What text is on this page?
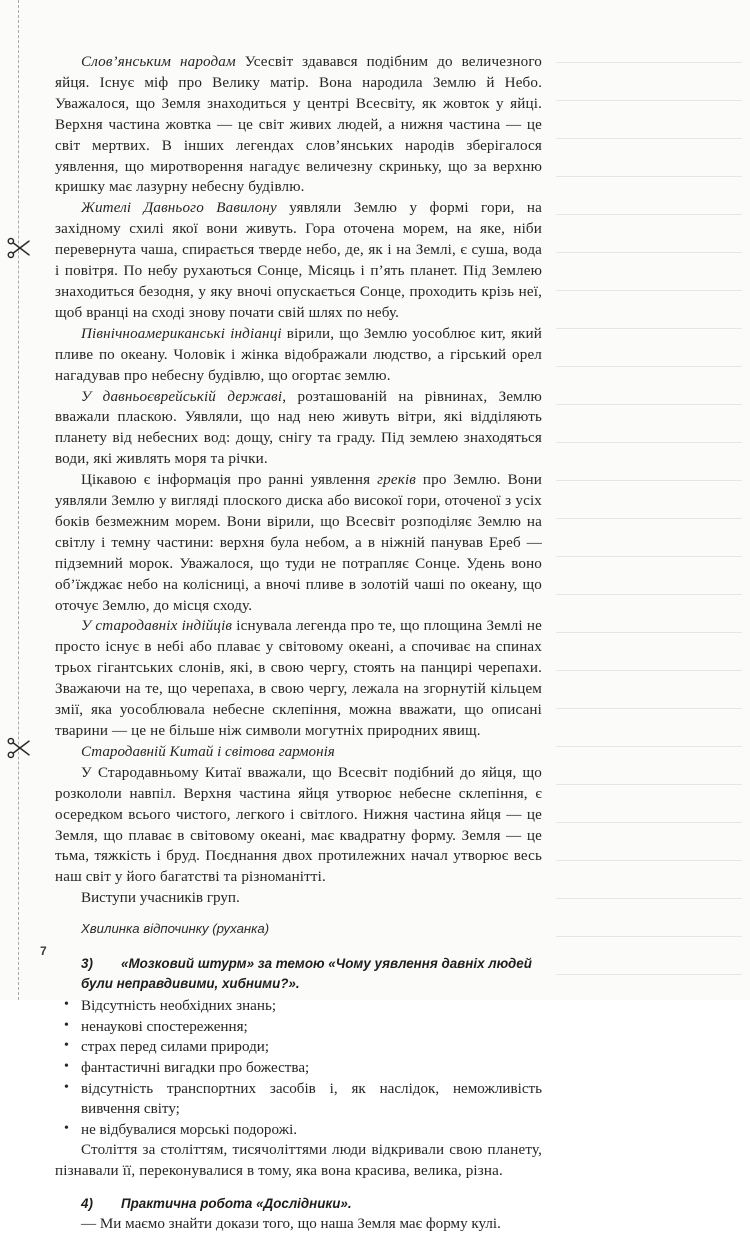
7

Слов’янським народам Усесвіт здавався подібним до величезного яйця. Існує міф про Велику матір. Вона народила Землю й Небо. Уважалося, що Земля знаходиться у центрі Всесвіту, як жовток у яйці. Верхня частина жовтка — це світ живих людей, а нижня частина — це світ мертвих. В інших легендах слов’янських народів зберігалося уявлення, що миротворення нагадує величезну скриньку, що за верхню кришку має лазурну небесну будівлю.

Жителі Давнього Вавилону уявляли Землю у формі гори, на західному схилі якої вони живуть. Гора оточена морем, на яке, ніби перевернута чаша, спирається тверде небо, де, як і на Землі, є суша, вода і повітря. По небу рухаються Сонце, Місяць і п’ять планет. Під Землею знаходиться безодня, у яку вночі опускається Сонце, проходить крізь неї, щоб вранці на сході знову почати свій шлях по небу.

Північноамериканські індіанці вірили, що Землю уособлює кит, який пливе по океану. Чоловік і жінка відображали людство, а гірський орел нагадував про небесну будівлю, що огортає землю.

У давньоєврейській державі, розташованій на рівнинах, Землю вважали плаcкою. Уявляли, що над нею живуть вітри, які відділяють планету від небесних вод: дощу, снігу та граду. Під землею знаходяться води, які живлять моря та річки.

Цікавою є інформація про ранні уявлення греків про Землю. Вони уявляли Землю у вигляді плоского диска або високої гори, оточеної з усіх боків безмежним морем. Вони вірили, що Всесвіт розподіляє Землю на світлу і темну частини: верхня була небом, а в ніжній панував Ереб — підземний морок. Уважалося, що туди не потрапляє Сонце. Удень воно об’їжджає небо на колісниці, а вночі пливе в золотій чаші по океану, що оточує Землю, до місця сходу.

У стародавніх індійців існувала легенда про те, що площина Землі не просто існує в небі або плаває у світовому океані, а спочиває на спинах трьох гігантських слонів, які, в свою чергу, стоять на панцирі черепахи. Зважаючи на те, що черепаха, в свою чергу, лежала на згорнутій кільцем змії, яка уособлювала небесне склепіння, можна вважати, що описані тварини — це не більше ніж символи могутніх природних явищ.

Стародавній Китай і світова гармонія

У Стародавньому Китаї вважали, що Всесвіт подібний до яйця, що розкололи навпіл. Верхня частина яйця утворює небесне склепіння, є осередком всього чистого, легкого і світлого. Нижня частина яйця — це Земля, що плаває в світовому океані, має квадратну форму. Земля — це тьма, тяжкість і бруд. Поєднання двох протилежних начал утворює весь наш світ у його багатстві та різноманітті.

Виступи учасників груп.

Хвилинка відпочинку (руханка)

3) «Мозковий штурм» за темою «Чому уявлення давніх людей були неправдивими, хибними?».

• Відсутність необхідних знань;
• ненаукові спостереження;
• страх перед силами природи;
• фантастичні вигадки про божества;
• відсутність транспортних засобів і, як наслідок, неможливість вивчення світу;
• не відбувалися морські подорожі.

Століття за століттям, тисячоліттями люди відкривали свою планету, пізнавали її, переконувалися в тому, яка вона красива, велика, різна.

4) Практична робота «Дослідники».

— Ми маємо знайти докази того, що наша Земля має форму кулі.
